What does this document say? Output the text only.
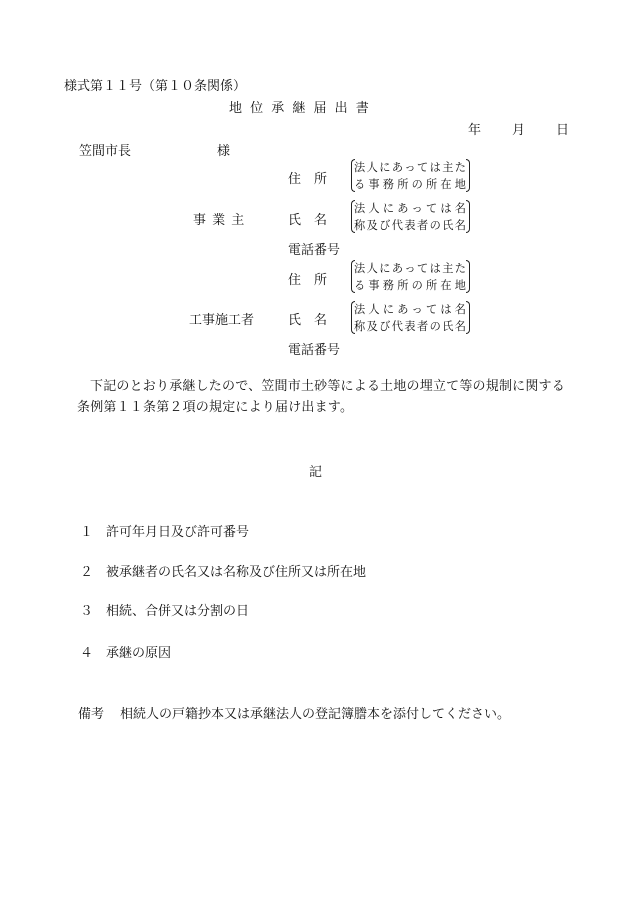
様式第１１号（第１０条関係）
地 位 承 継 届 出 書
年 月 日
笠間市長	様
事 業 主
住　所
法人にあっては主た
る事務所の所在地
氏　名
法人にあっては名
称及び代表者の氏名
電話番号
工事施工者
住　所
法人にあっては主た
る事務所の所在地
氏　名
法人にあっては名
称及び代表者の氏名
電話番号
下記のとおり承継したので、笠間市土砂等による土地の埋立て等の規制に関する条例第１１条第２項の規定により届け出ます。
記
１ 許可年月日及び許可番号
２ 被承継者の氏名又は名称及び住所又は所在地
３ 相続、合併又は分割の日
４ 承継の原因
備考 相続人の戸籍抄本又は承継法人の登記簿謄本を添付してください。
